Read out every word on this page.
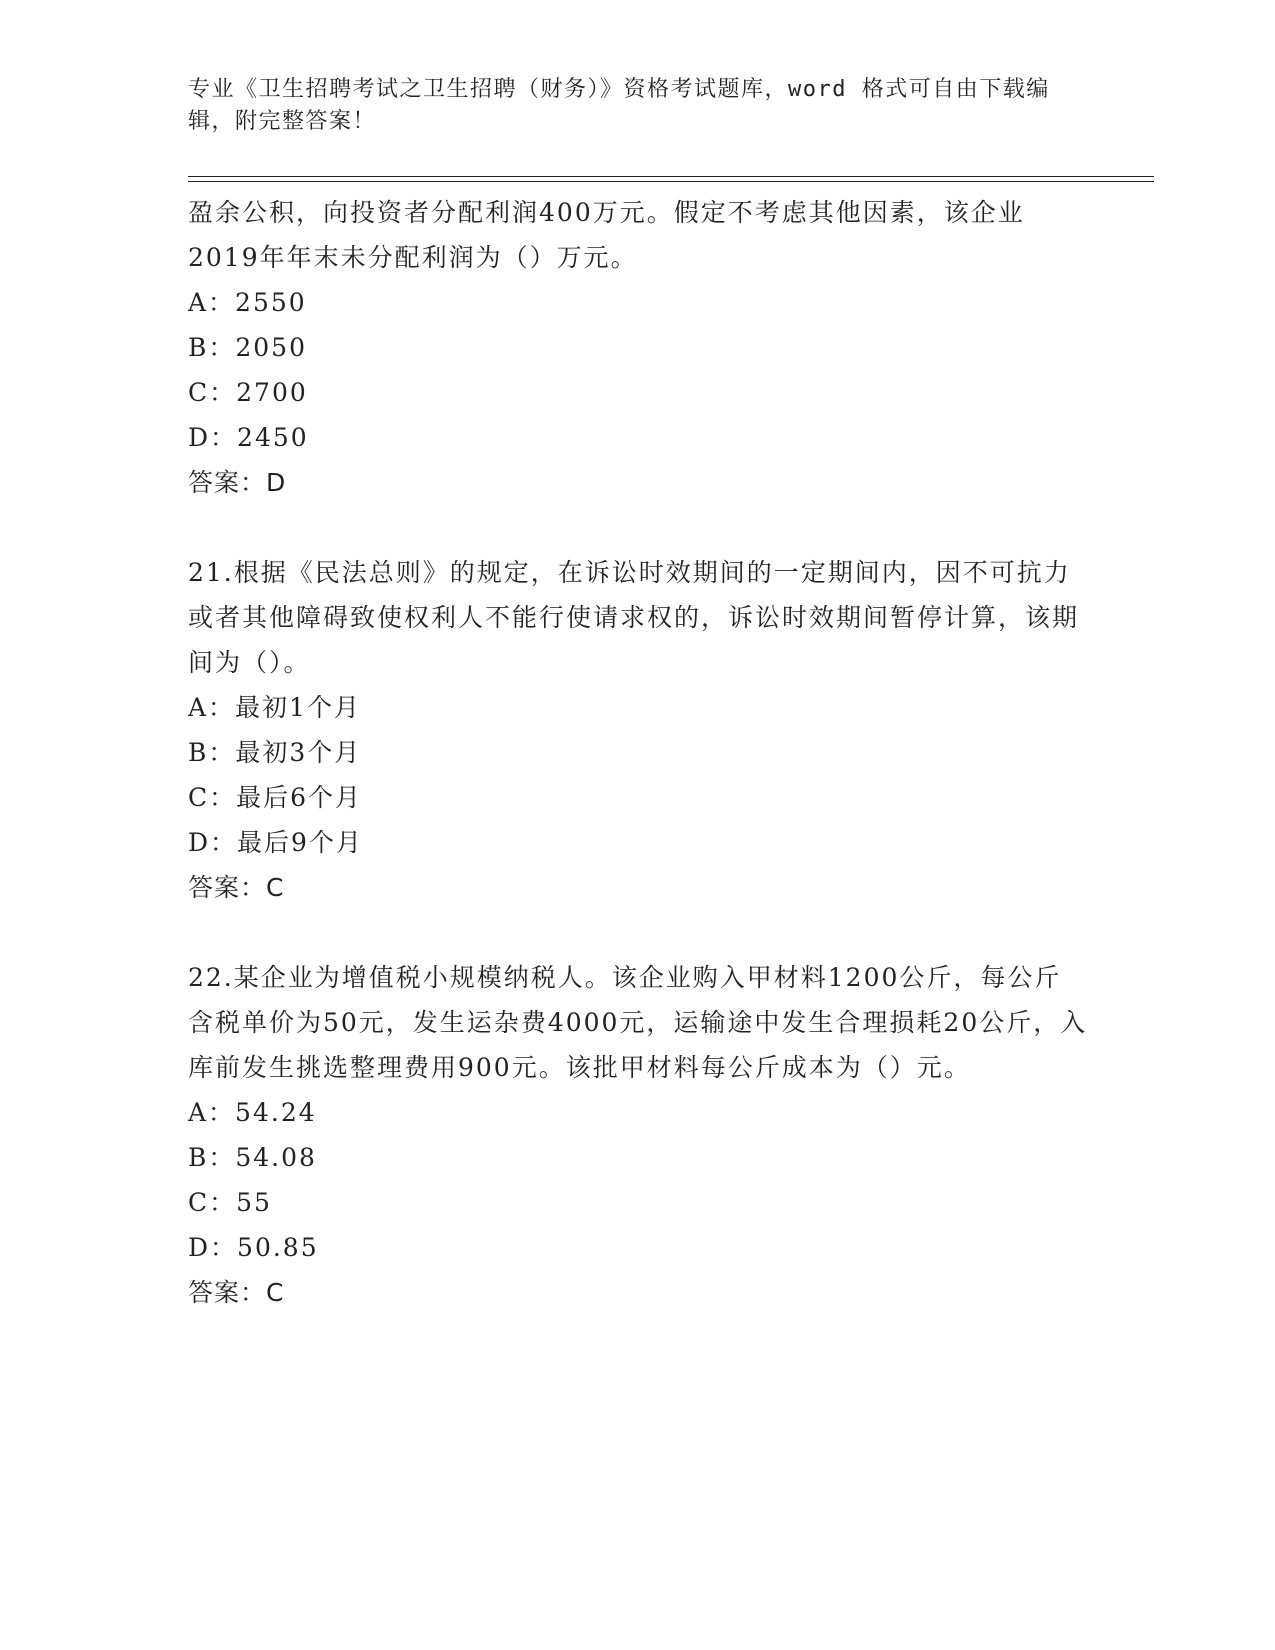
专业《卫生招聘考试之卫生招聘（财务）》资格考试题库，word 格式可自由下载编辑，附完整答案！

盈余公积，向投资者分配利润400万元。假定不考虑其他因素，该企业2019年年末未分配利润为（）万元。

A：2550

B：2050

C：2700

D：2450

答案：D

21.根据《民法总则》的规定，在诉讼时效期间的一定期间内，因不可抗力或者其他障碍致使权利人不能行使请求权的，诉讼时效期间暂停计算，该期间为（）。

A：最初1个月

B：最初3个月

C：最后6个月

D：最后9个月

答案：C

22.某企业为增值税小规模纳税人。该企业购入甲材料1200公斤，每公斤含税单价为50元，发生运杂费4000元，运输途中发生合理损耗20公斤，入库前发生挑选整理费用900元。该批甲材料每公斤成本为（）元。

A：54.24

B：54.08

C：55

D：50.85

答案：C
